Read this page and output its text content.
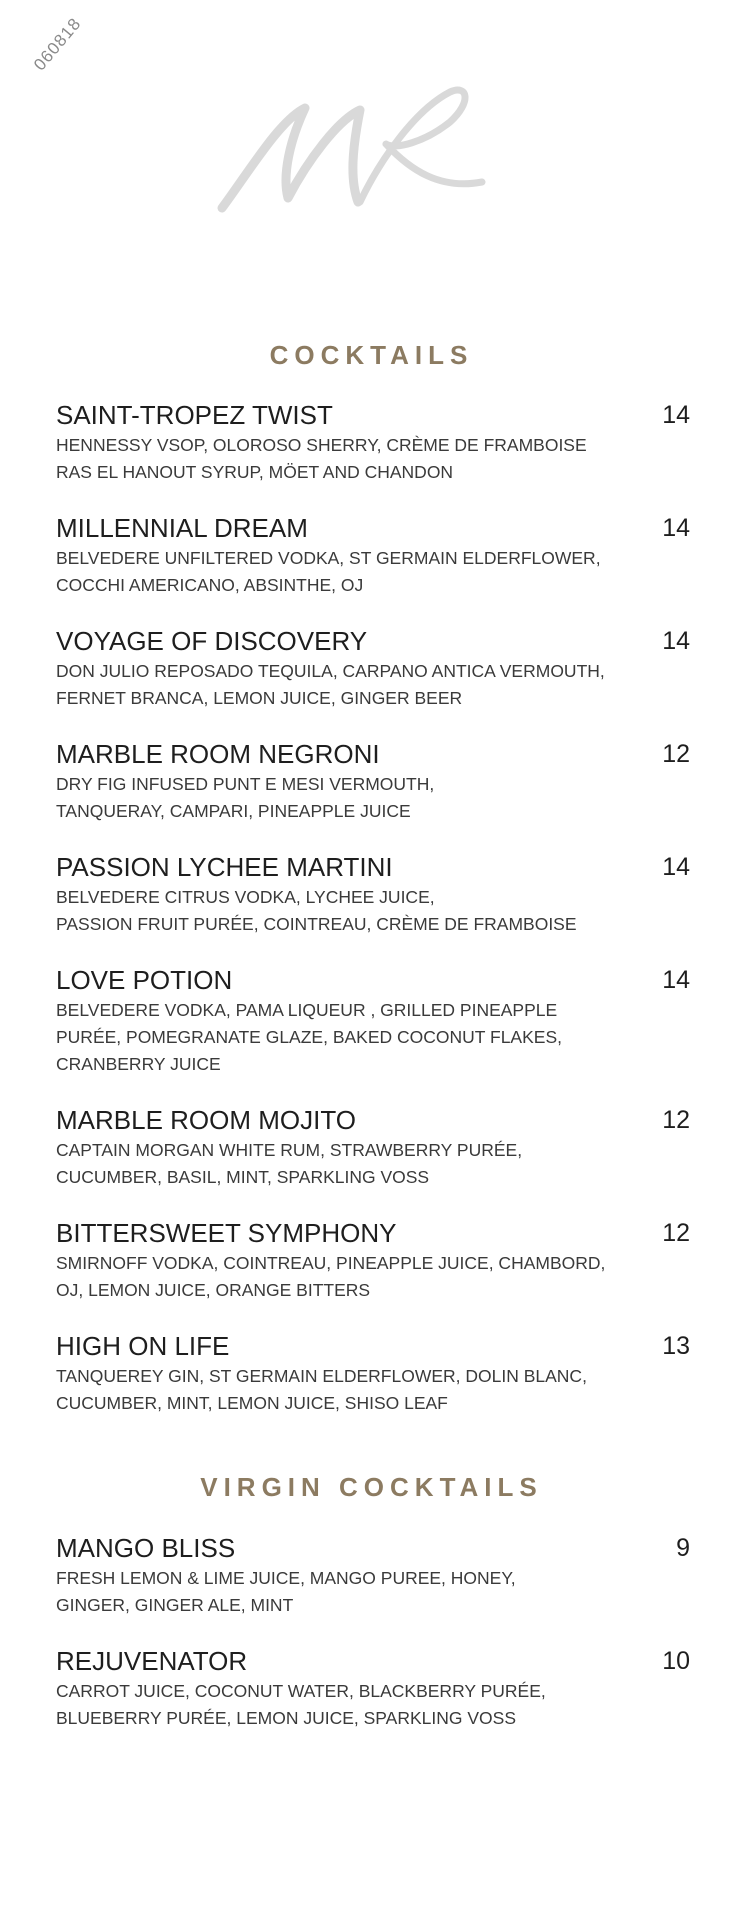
060818
COCKTAILS
SAINT-TROPEZ TWIST	14
HENNESSY VSOP, OLOROSO SHERRY, CRÈME DE FRAMBOISE
RAS EL HANOUT SYRUP, MÖET AND CHANDON
MILLENNIAL DREAM	14
BELVEDERE UNFILTERED VODKA, ST GERMAIN ELDERFLOWER,
COCCHI AMERICANO, ABSINTHE, OJ
VOYAGE OF DISCOVERY	14
DON JULIO REPOSADO TEQUILA, CARPANO ANTICA VERMOUTH,
FERNET BRANCA, LEMON JUICE, GINGER BEER
MARBLE ROOM NEGRONI	12
DRY FIG INFUSED PUNT E MESI VERMOUTH,
TANQUERAY, CAMPARI, PINEAPPLE JUICE
PASSION LYCHEE MARTINI	14
BELVEDERE CITRUS VODKA, LYCHEE JUICE,
PASSION FRUIT PURÉE, COINTREAU, CRÈME DE FRAMBOISE
LOVE POTION	14
BELVEDERE VODKA, PAMA LIQUEUR , GRILLED PINEAPPLE
PURÉE, POMEGRANATE GLAZE, BAKED COCONUT FLAKES,
CRANBERRY JUICE
MARBLE ROOM MOJITO	12
CAPTAIN MORGAN WHITE RUM, STRAWBERRY PURÉE,
CUCUMBER, BASIL, MINT, SPARKLING VOSS
BITTERSWEET SYMPHONY	12
SMIRNOFF VODKA, COINTREAU, PINEAPPLE JUICE, CHAMBORD,
OJ, LEMON JUICE, ORANGE BITTERS
HIGH ON LIFE	13
TANQUEREY GIN, ST GERMAIN ELDERFLOWER, DOLIN BLANC,
CUCUMBER, MINT, LEMON JUICE, SHISO LEAF
VIRGIN COCKTAILS
MANGO BLISS	9
FRESH LEMON & LIME JUICE, MANGO PUREE, HONEY,
GINGER, GINGER ALE, MINT
REJUVENATOR	10
CARROT JUICE, COCONUT WATER, BLACKBERRY PURÉE,
BLUEBERRY PURÉE, LEMON JUICE, SPARKLING VOSS
